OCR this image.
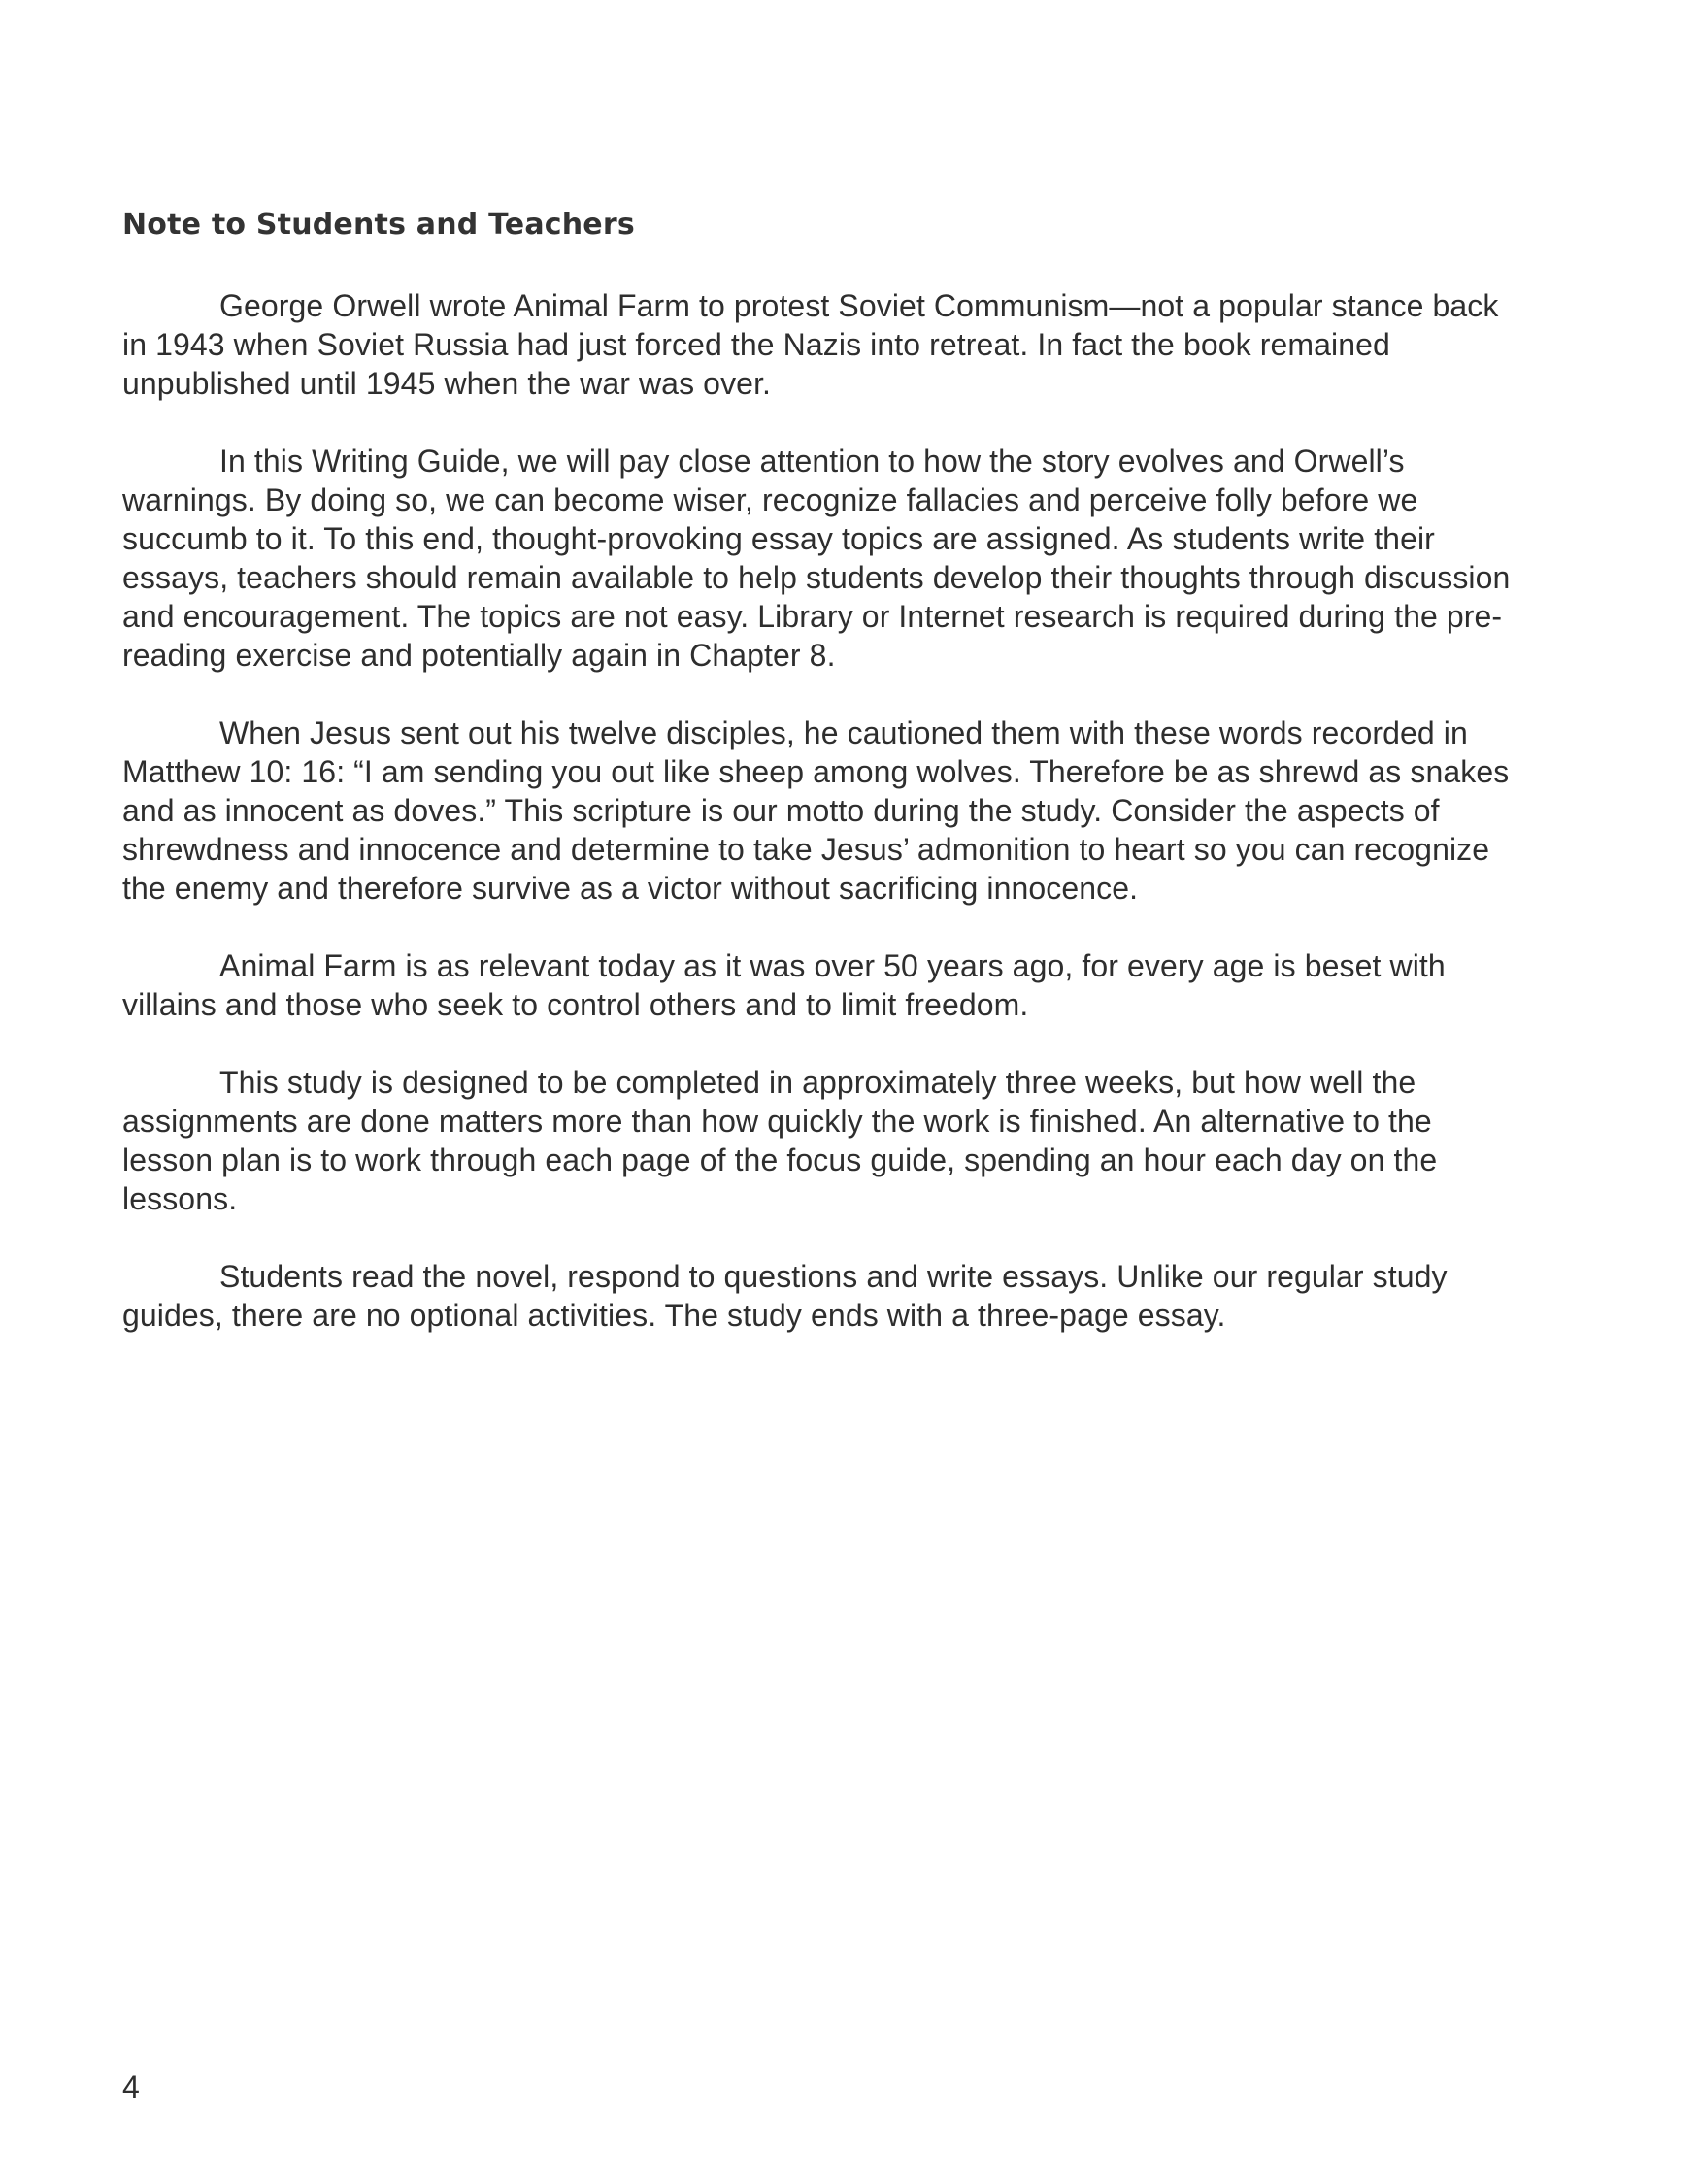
Note to Students and Teachers

George Orwell wrote Animal Farm to protest Soviet Communism—not a popular stance back in 1943 when Soviet Russia had just forced the Nazis into retreat. In fact the book remained unpublished until 1945 when the war was over.

In this Writing Guide, we will pay close attention to how the story evolves and Orwell’s warnings. By doing so, we can become wiser, recognize fallacies and perceive folly before we succumb to it. To this end, thought-provoking essay topics are assigned. As students write their essays, teachers should remain available to help students develop their thoughts through discussion and encouragement. The topics are not easy. Library or Internet research is required during the pre-reading exercise and potentially again in Chapter 8.

When Jesus sent out his twelve disciples, he cautioned them with these words recorded in Matthew 10: 16: “I am sending you out like sheep among wolves. Therefore be as shrewd as snakes and as innocent as doves.” This scripture is our motto during the study. Consider the aspects of shrewdness and innocence and determine to take Jesus’ admonition to heart so you can recognize the enemy and therefore survive as a victor without sacrificing innocence.

Animal Farm is as relevant today as it was over 50 years ago, for every age is beset with villains and those who seek to control others and to limit freedom.

This study is designed to be completed in approximately three weeks, but how well the assignments are done matters more than how quickly the work is finished. An alternative to the lesson plan is to work through each page of the focus guide, spending an hour each day on the lessons.

Students read the novel, respond to questions and write essays. Unlike our regular study guides, there are no optional activities. The study ends with a three-page essay.

4
